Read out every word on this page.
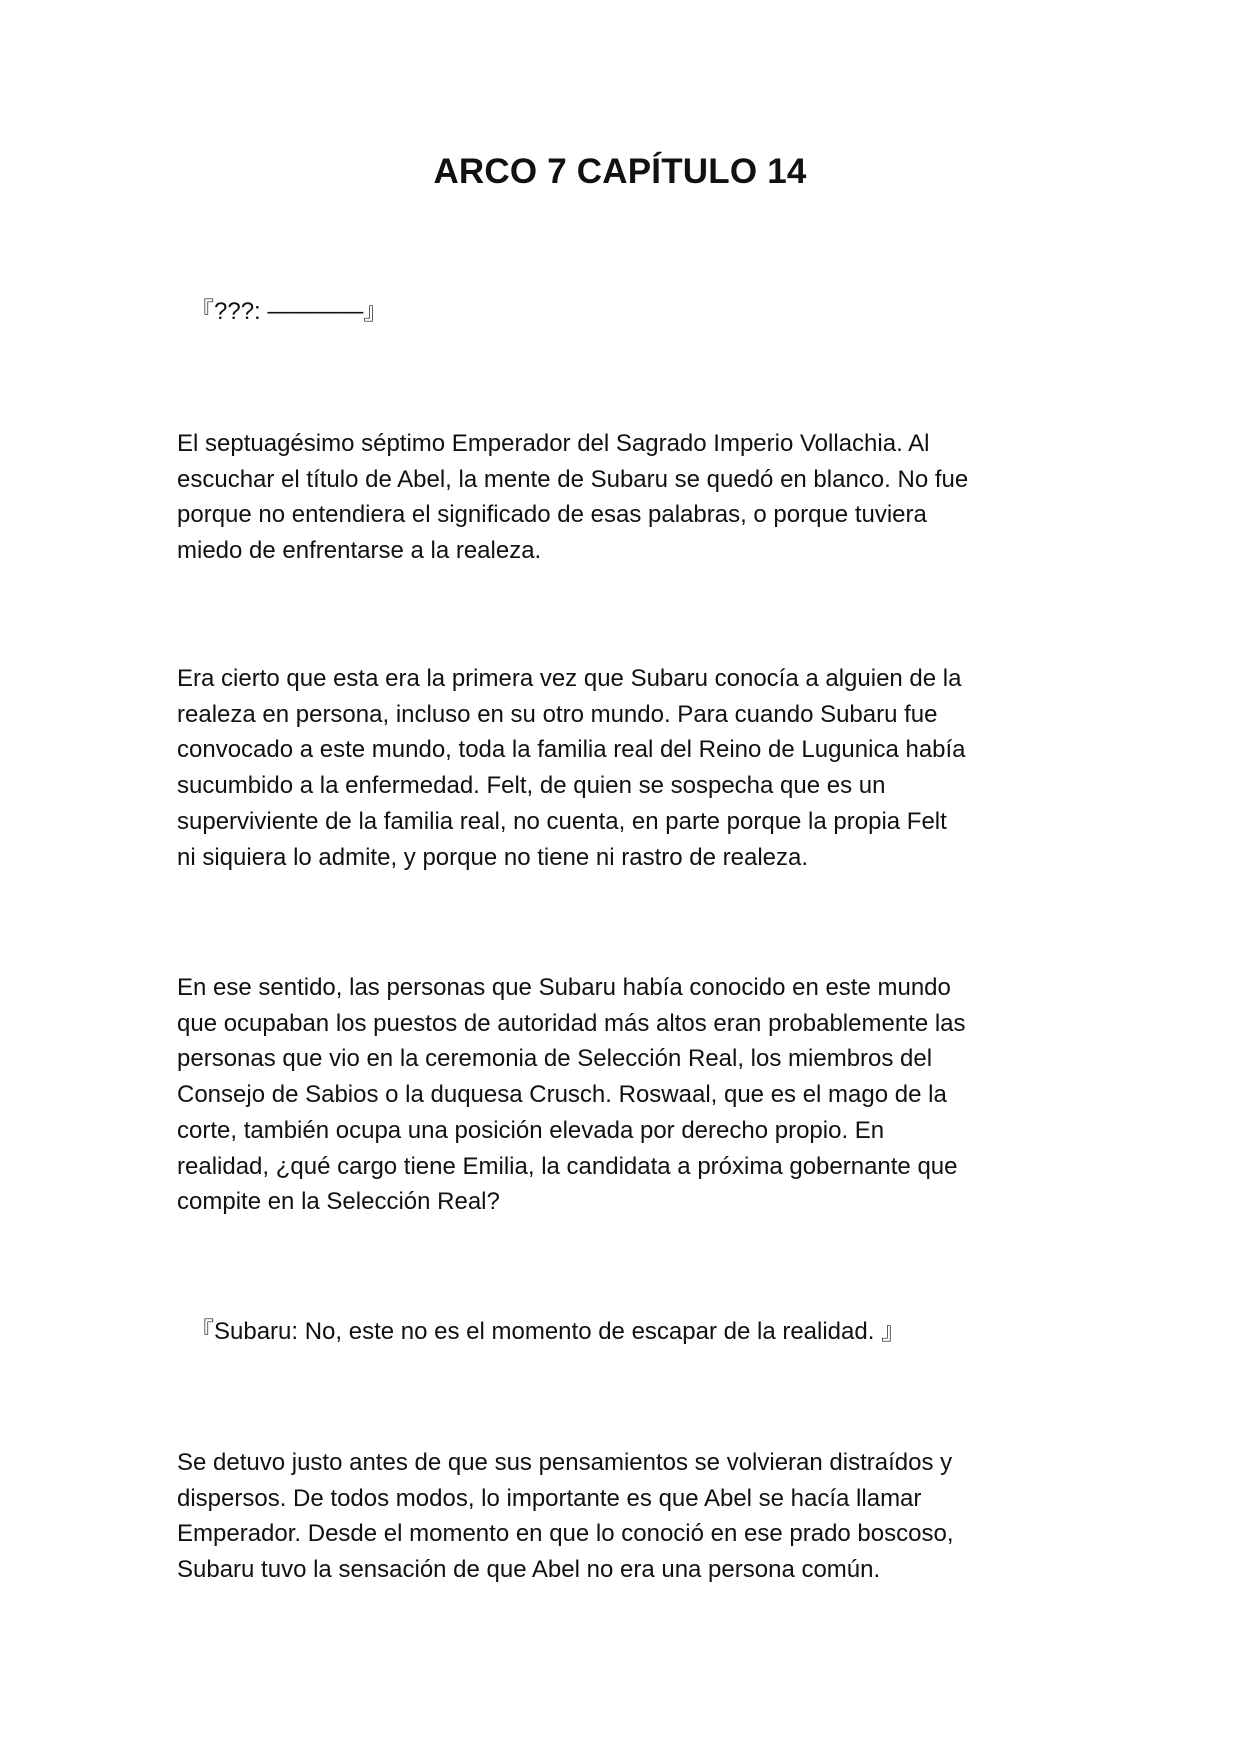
ARCO 7 CAPÍTULO 14
『???: ————』
El septuagésimo séptimo Emperador del Sagrado Imperio Vollachia. Al
escuchar el título de Abel, la mente de Subaru se quedó en blanco. No fue
porque no entendiera el significado de esas palabras, o porque tuviera
miedo de enfrentarse a la realeza.
Era cierto que esta era la primera vez que Subaru conocía a alguien de la
realeza en persona, incluso en su otro mundo. Para cuando Subaru fue
convocado a este mundo, toda la familia real del Reino de Lugunica había
sucumbido a la enfermedad. Felt, de quien se sospecha que es un
superviviente de la familia real, no cuenta, en parte porque la propia Felt
ni siquiera lo admite, y porque no tiene ni rastro de realeza.
En ese sentido, las personas que Subaru había conocido en este mundo
que ocupaban los puestos de autoridad más altos eran probablemente las
personas que vio en la ceremonia de Selección Real, los miembros del
Consejo de Sabios o la duquesa Crusch. Roswaal, que es el mago de la
corte, también ocupa una posición elevada por derecho propio. En
realidad, ¿qué cargo tiene Emilia, la candidata a próxima gobernante que
compite en la Selección Real?
『Subaru: No, este no es el momento de escapar de la realidad. 』
Se detuvo justo antes de que sus pensamientos se volvieran distraídos y
dispersos. De todos modos, lo importante es que Abel se hacía llamar
Emperador. Desde el momento en que lo conoció en ese prado boscoso,
Subaru tuvo la sensación de que Abel no era una persona común.
